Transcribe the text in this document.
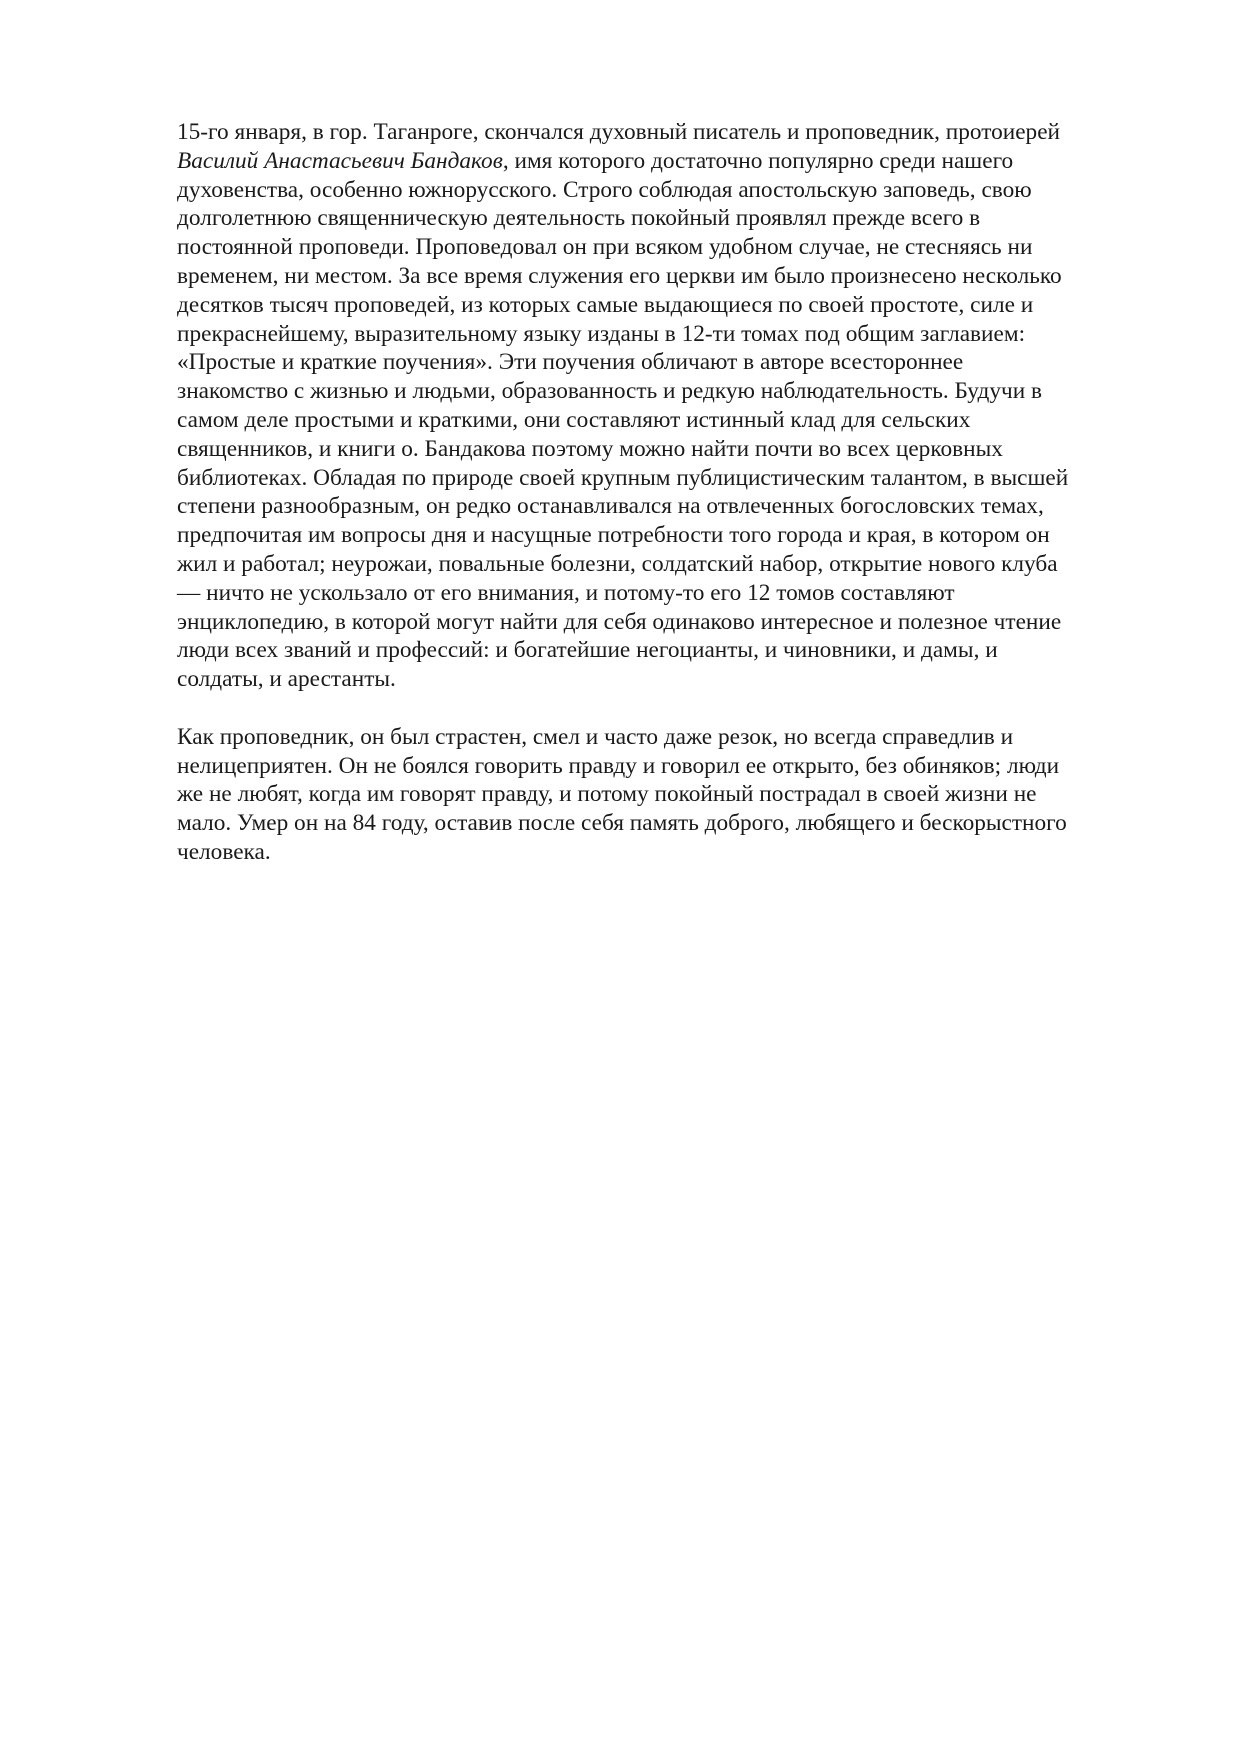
15-го января, в гор. Таганроге, скончался духовный писатель и проповедник, протоиерей
Василий Анастасьевич Бандаков, имя которого достаточно популярно среди нашего
духовенства, особенно южнорусского. Строго соблюдая апостольскую заповедь, свою
долголетнюю священническую деятельность покойный проявлял прежде всего в
постоянной проповеди. Проповедовал он при всяком удобном случае, не стесняясь ни
временем, ни местом. За все время служения его церкви им было произнесено несколько
десятков тысяч проповедей, из которых самые выдающиеся по своей простоте, силе и
прекраснейшему, выразительному языку изданы в 12-ти томах под общим заглавием:
«Простые и краткие поучения». Эти поучения обличают в авторе всестороннее
знакомство с жизнью и людьми, образованность и редкую наблюдательность. Будучи в
самом деле простыми и краткими, они составляют истинный клад для сельских
священников, и книги о. Бандакова поэтому можно найти почти во всех церковных
библиотеках. Обладая по природе своей крупным публицистическим талантом, в высшей
степени разнообразным, он редко останавливался на отвлеченных богословских темах,
предпочитая им вопросы дня и насущные потребности того города и края, в котором он
жил и работал; неурожаи, повальные болезни, солдатский набор, открытие нового клуба
— ничто не ускользало от его внимания, и потому-то его 12 томов составляют
энциклопедию, в которой могут найти для себя одинаково интересное и полезное чтение
люди всех званий и профессий: и богатейшие негоцианты, и чиновники, и дамы, и
солдаты, и арестанты.

Как проповедник, он был страстен, смел и часто даже резок, но всегда справедлив и
нелицеприятен. Он не боялся говорить правду и говорил ее открыто, без обиняков; люди
же не любят, когда им говорят правду, и потому покойный пострадал в своей жизни не
мало. Умер он на 84 году, оставив после себя память доброго, любящего и бескорыстного
человека.
